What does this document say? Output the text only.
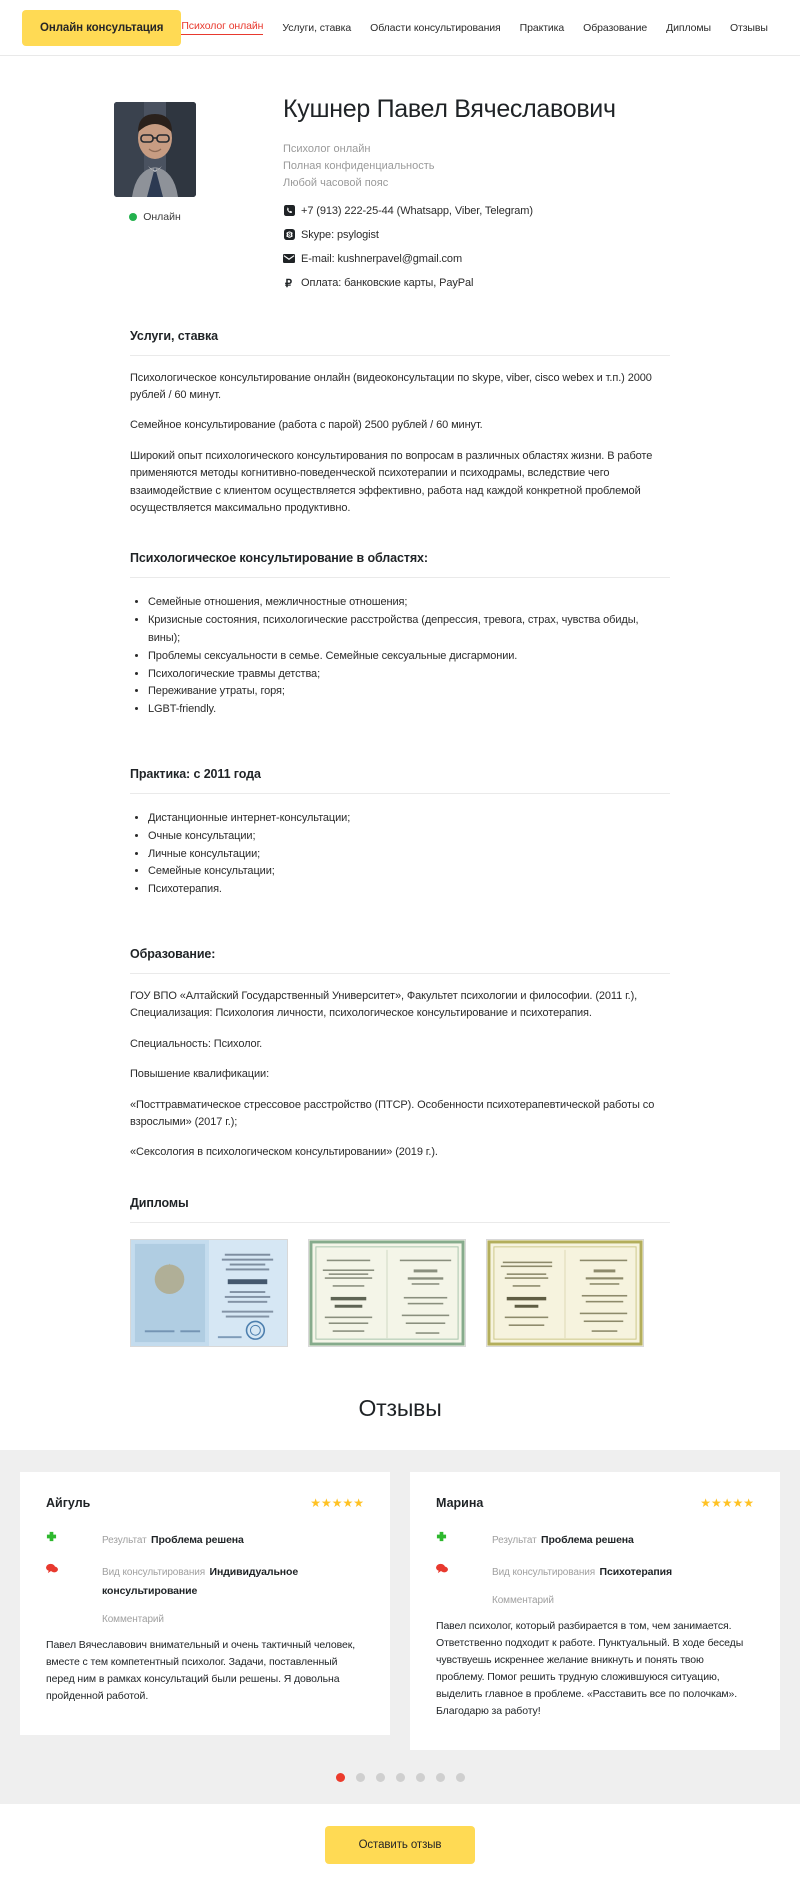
Онлайн консультация	Психолог онлайн Услуги, ставка Области консультирования Практика Образование Дипломы Отзывы
Онлайн
Кушнер Павел Вячеславович
Психолог онлайн
Полная конфиденциальность
Любой часовой пояс
+7 (913) 222-25-44 (Whatsapp, Viber, Telegram)
Skype: psylogist
E-mail: kushnerpavel@gmail.com
₽ Оплата: банковские карты, PayPal
Услуги, ставка

Психологическое консультирование онлайн (видеоконсультации по skype, viber, cisco webex и т.п.) 2000 рублей / 60 минут.

Семейное консультирование (работа с парой) 2500 рублей / 60 минут.

Широкий опыт психологического консультирования по вопросам в различных областях жизни. В работе применяются методы когнитивно-поведенческой психотерапии и психодрамы, вследствие чего взаимодействие с клиентом осуществляется эффективно, работа над каждой конкретной проблемой осуществляется максимально продуктивно.

Психологическое консультирование в областях:
• Семейные отношения, межличностные отношения;
• Кризисные состояния, психологические расстройства (депрессия, тревога, страх, чувства обиды, вины);
• Проблемы сексуальности в семье. Семейные сексуальные дисгармонии.
• Психологические травмы детства;
• Переживание утраты, горя;
• LGBT-friendly.
Практика: с 2011 года
• Дистанционные интернет-консультации;
• Очные консультации;
• Личные консультации;
• Семейные консультации;
• Психотерапия.
Образование:

ГОУ ВПО «Алтайский Государственный Университет», Факультет психологии и философии. (2011 г.), Специализация: Психология личности, психологическое консультирование и психотерапия.

Специальность: Психолог.

Повышение квалификации:

«Посттравматическое стрессовое расстройство (ПТСР). Особенности психотерапевтической работы со взрослыми» (2017 г.);

«Сексология в психологическом консультировании» (2019 г.).

Дипломы
Отзывы
Айгуль	★★★★★
Результат Проблема решена
Вид консультирования Индивидуальное консультирование
Комментарий
Павел Вячеславович внимательный и очень тактичный человек, вместе с тем компетентный психолог. Задачи, поставленный перед ним в рамках консультаций были решены. Я довольна пройденной работой.
Марина	★★★★★
Результат Проблема решена
Вид консультирования Психотерапия
Комментарий
Павел психолог, который разбирается в том, чем занимается. Ответственно подходит к работе. Пунктуальный. В ходе беседы чувствуешь искреннее желание вникнуть и понять твою проблему. Помог решить трудную сложившуюся ситуацию, выделить главное в проблеме. «Расставить все по полочкам». Благодарю за работу!
Оставить отзыв
